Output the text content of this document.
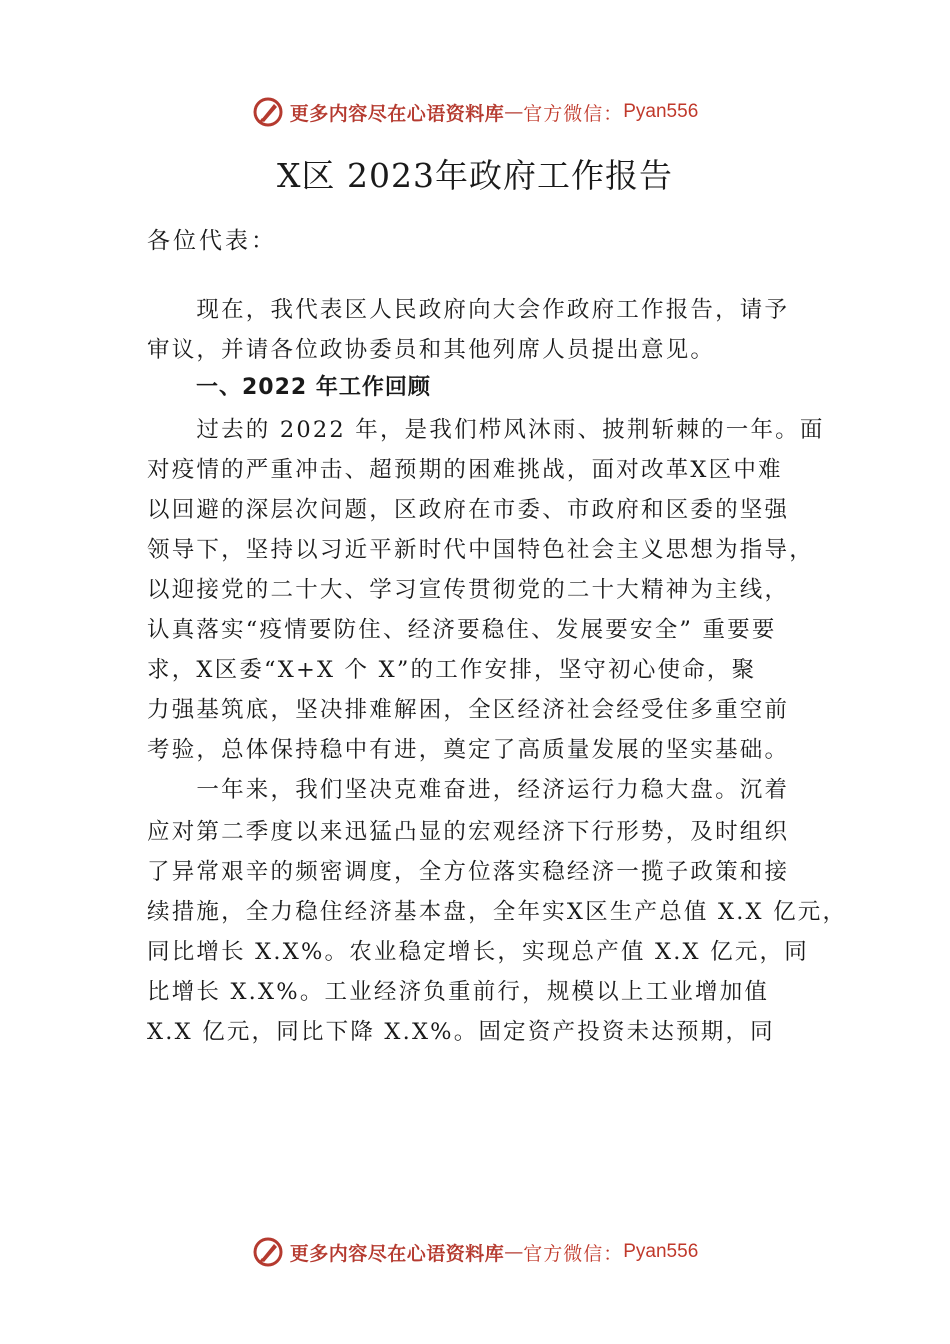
更多内容尽在心语资料库 — 官方微信： Pyan556
X区 2023年政府工作报告
各位代表：
　　现在，我代表区人民政府向大会作政府工作报告，请予
审议，并请各位政协委员和其他列席人员提出意见。
一、2022 年工作回顾
　　过去的 2022 年，是我们栉风沐雨、披荆斩棘的一年。面
对疫情的严重冲击、超预期的困难挑战，面对改革X区中难
以回避的深层次问题，区政府在市委、市政府和区委的坚强
领导下，坚持以习近平新时代中国特色社会主义思想为指导，
以迎接党的二十大、学习宣传贯彻党的二十大精神为主线，
认真落实“疫情要防住、经济要稳住、发展要安全” 重要要
求，X区委“X+X 个 X”的工作安排，坚守初心使命，聚
力强基筑底，坚决排难解困，全区经济社会经受住多重空前
考验，总体保持稳中有进，奠定了高质量发展的坚实基础。
　　一年来，我们坚决克难奋进，经济运行力稳大盘。沉着
应对第二季度以来迅猛凸显的宏观经济下行形势，及时组织
了异常艰辛的频密调度，全方位落实稳经济一揽子政策和接
续措施，全力稳住经济基本盘，全年实X区生产总值 X.X 亿元，
同比增长 X.X%。农业稳定增长，实现总产值 X.X 亿元，同
比增长 X.X%。工业经济负重前行，规模以上工业增加值
X.X 亿元，同比下降 X.X%。固定资产投资未达预期，同
更多内容尽在心语资料库 — 官方微信： Pyan556
